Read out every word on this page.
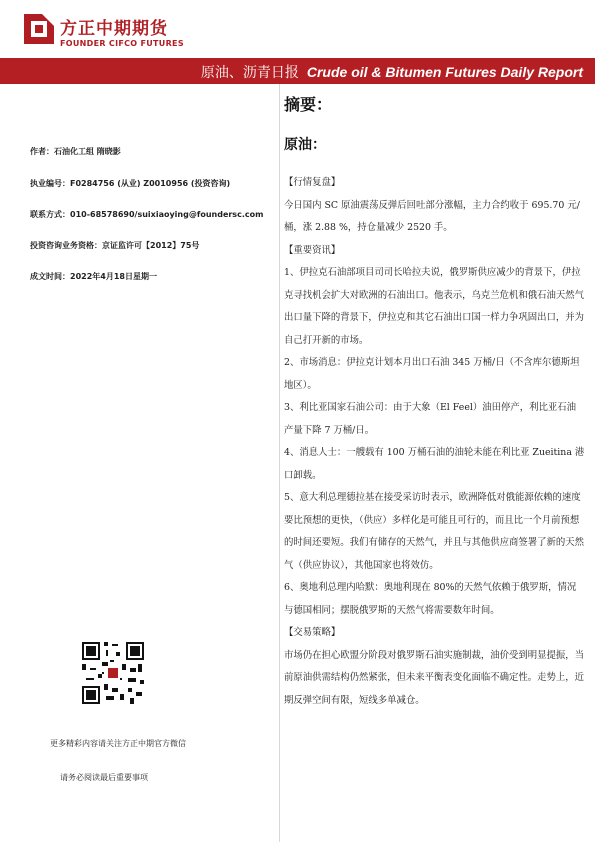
方正中期期货
FOUNDER CIFCO FUTURES
原油、沥青日报 Crude oil & Bitumen Futures Daily Report
作者：石油化工组 隋晓影
执业编号：F0284756 (从业) Z0010956 (投资咨询)
联系方式：010-68578690/suixiaoying@foundersc.com
投资咨询业务资格：京证监许可【2012】75号
成文时间：2022年4月18日星期一
更多精彩内容请关注方正中期官方微信
请务必阅读最后重要事项
摘要：
原油：

【行情复盘】

今日国内 SC 原油震荡反弹后回吐部分涨幅，主力合约收于 695.70 元/桶，涨 2.88 %，持仓量减少 2520 手。

【重要资讯】

1、伊拉克石油部项目司司长哈拉夫说，俄罗斯供应减少的背景下，伊拉克寻找机会扩大对欧洲的石油出口。他表示，乌克兰危机和俄石油天然气出口量下降的背景下，伊拉克和其它石油出口国一样力争巩固出口，并为自己打开新的市场。

2、市场消息：伊拉克计划本月出口石油 345 万桶/日（不含库尔德斯坦地区）。

3、利比亚国家石油公司：由于大象（El Feel）油田停产，利比亚石油产量下降 7 万桶/日。

4、消息人士：一艘载有 100 万桶石油的油轮未能在利比亚 Zueitina 港口卸载。

5、意大利总理德拉基在接受采访时表示，欧洲降低对俄能源依赖的速度要比预想的更快，（供应）多样化是可能且可行的，而且比一个月前预想的时间还要短。我们有储存的天然气，并且与其他供应商签署了新的天然气（供应协议），其他国家也将效仿。

6、奥地利总理内哈默：奥地利现在 80%的天然气依赖于俄罗斯，情况与德国相同；摆脱俄罗斯的天然气将需要数年时间。

【交易策略】

市场仍在担心欧盟分阶段对俄罗斯石油实施制裁，油价受到明显提振，当前原油供需结构仍然紧张，但未来平衡表变化面临不确定性。走势上，近期反弹空间有限，短线多单减仓。
